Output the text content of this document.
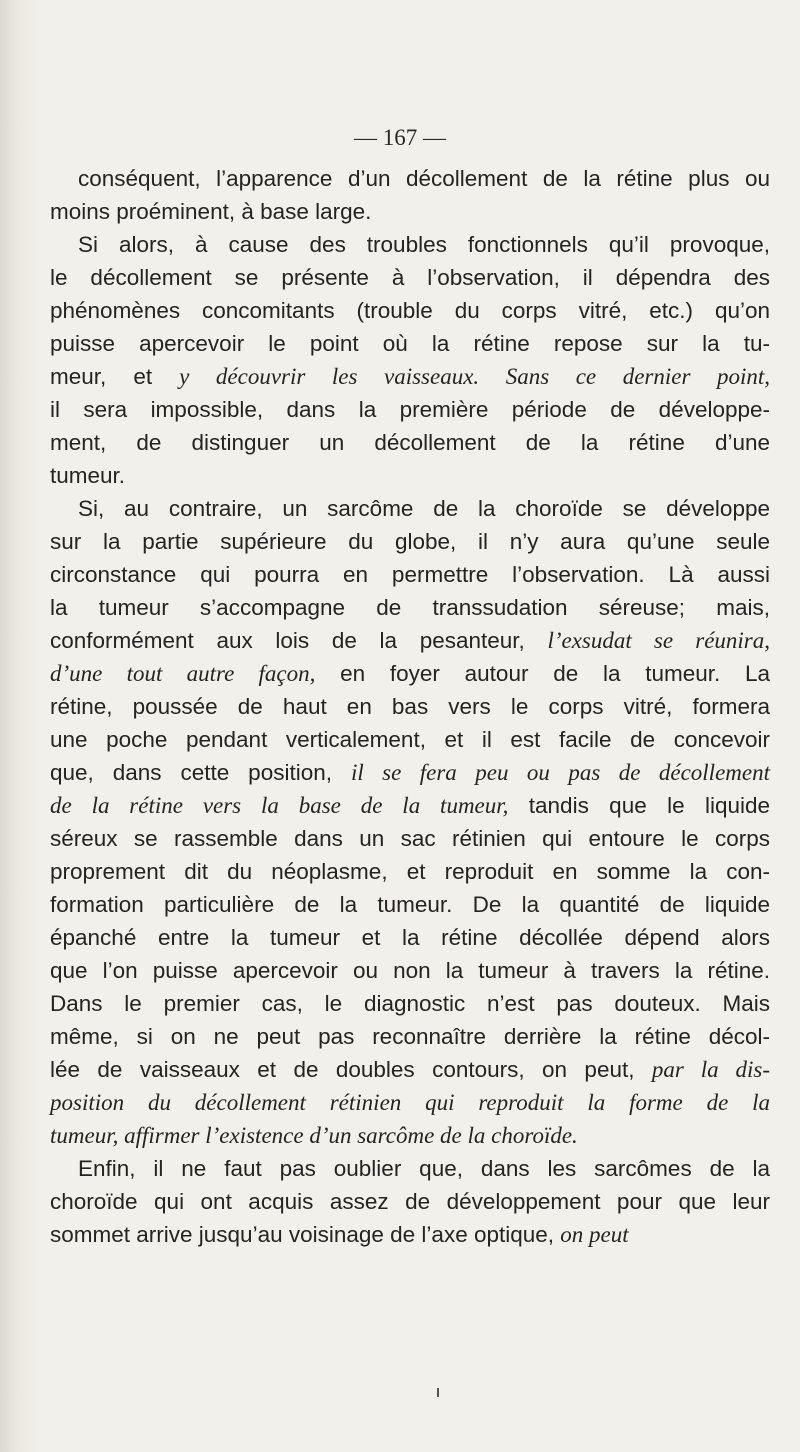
— 167 —
conséquent, l’apparence d’un décollement de la rétine plus ou
moins proéminent, à base large.
Si alors, à cause des troubles fonctionnels qu’il provoque,
le décollement se présente à l’observation, il dépendra des
phénomènes concomitants (trouble du corps vitré, etc.) qu’on
puisse apercevoir le point où la rétine repose sur la tu-
meur, et y découvrir les vaisseaux. Sans ce dernier point,
il sera impossible, dans la première période de développe-
ment, de distinguer un décollement de la rétine d’une
tumeur.
Si, au contraire, un sarcôme de la choroïde se développe
sur la partie supérieure du globe, il n’y aura qu’une seule
circonstance qui pourra en permettre l’observation. Là aussi
la tumeur s’accompagne de transsudation séreuse; mais,
conformément aux lois de la pesanteur, l’exsudat se réunira,
d’une tout autre façon, en foyer autour de la tumeur. La
rétine, poussée de haut en bas vers le corps vitré, formera
une poche pendant verticalement, et il est facile de concevoir
que, dans cette position, il se fera peu ou pas de décollement
de la rétine vers la base de la tumeur, tandis que le liquide
séreux se rassemble dans un sac rétinien qui entoure le corps
proprement dit du néoplasme, et reproduit en somme la con-
formation particulière de la tumeur. De la quantité de liquide
épanché entre la tumeur et la rétine décollée dépend alors
que l’on puisse apercevoir ou non la tumeur à travers la rétine.
Dans le premier cas, le diagnostic n’est pas douteux. Mais
même, si on ne peut pas reconnaître derrière la rétine décol-
lée de vaisseaux et de doubles contours, on peut, par la dis-
position du décollement rétinien qui reproduit la forme de la
tumeur, affirmer l’existence d’un sarcôme de la choroïde.
Enfin, il ne faut pas oublier que, dans les sarcômes de la
choroïde qui ont acquis assez de développement pour que leur
sommet arrive jusqu’au voisinage de l’axe optique, on peut
